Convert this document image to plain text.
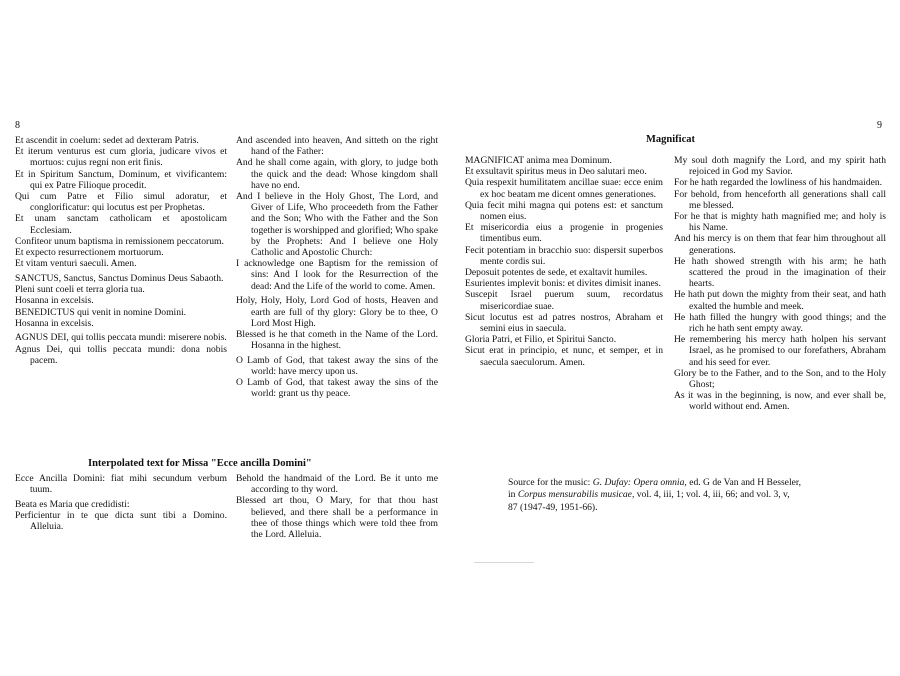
8

Et ascendit in coelum: sedet ad dexteram Patris.

Et iterum venturus est cum gloria, judicare vivos et mortuos: cujus regni non erit finis.

Et in Spiritum Sanctum, Dominum, et vivificantem: qui ex Patre Filioque procedit.

Qui cum Patre et Filio simul adoratur, et conglorificatur: qui locutus est per Prophetas.

Et unam sanctam catholicam et apostolicam Ecclesiam.

Confiteor unum baptisma in remissionem peccatorum.

Et expecto resurrectionem mortuorum.

Et vitam venturi saeculi. Amen.

SANCTUS, Sanctus, Sanctus Dominus Deus Sabaoth.

Pleni sunt coeli et terra gloria tua.

Hosanna in excelsis.

BENEDICTUS qui venit in nomine Domini.

Hosanna in excelsis.

AGNUS DEI, qui tollis peccata mundi: miserere nobis.

Agnus Dei, qui tollis peccata mundi: dona nobis pacem.

And ascended into heaven, And sitteth on the right hand of the Father:

And he shall come again, with glory, to judge both the quick and the dead: Whose kingdom shall have no end.

And I believe in the Holy Ghost, The Lord, and Giver of Life, Who proceedeth from the Father and the Son; Who with the Father and the Son together is worshipped and glorified; Who spake by the Prophets: And I believe one Holy Catholic and Apostolic Church:

I acknowledge one Baptism for the remission of sins: And I look for the Resurrection of the dead: And the Life of the world to come. Amen.

Holy, Holy, Holy, Lord God of hosts, Heaven and earth are full of thy glory: Glory be to thee, O Lord Most High.

Blessed is he that cometh in the Name of the Lord. Hosanna in the highest.

O Lamb of God, that takest away the sins of the world: have mercy upon us.

O Lamb of God, that takest away the sins of the world: grant us thy peace.

Interpolated text for Missa "Ecce ancilla Domini"

Ecce Ancilla Domini: fiat mihi secundum verbum tuum.

Beata es Maria que credidisti:

Perficientur in te que dicta sunt tibi a Domino. Alleluia.

Behold the handmaid of the Lord. Be it unto me according to thy word.

Blessed art thou, O Mary, for that thou hast believed, and there shall be a performance in thee of those things which were told thee from the Lord. Alleluia.

9
Magnificat

MAGNIFICAT anima mea Dominum.

Et exsultavit spiritus meus in Deo salutari meo.

Quia respexit humilitatem ancillae suae: ecce enim ex hoc beatam me dicent omnes generationes.

Quia fecit mihi magna qui potens est: et sanctum nomen eius.

Et misericordia eius a progenie in progenies timentibus eum.

Fecit potentiam in bracchio suo: dispersit superbos mente cordis sui.

Deposuit potentes de sede, et exaltavit humiles.

Esurientes implevit bonis: et divites dimisit inanes.

Suscepit Israel puerum suum, recordatus misericordiae suae.

Sicut locutus est ad patres nostros, Abraham et semini eius in saecula.

Gloria Patri, et Filio, et Spiritui Sancto.

Sicut erat in principio, et nunc, et semper, et in saecula saeculorum. Amen.

My soul doth magnify the Lord, and my spirit hath rejoiced in God my Savior.

For he hath regarded the lowliness of his handmaiden.

For behold, from henceforth all generations shall call me blessed.

For he that is mighty hath magnified me; and holy is his Name.

And his mercy is on them that fear him throughout all generations.

He hath showed strength with his arm; he hath scattered the proud in the imagination of their hearts.

He hath put down the mighty from their seat, and hath exalted the humble and meek.

He hath filled the hungry with good things; and the rich he hath sent empty away.

He remembering his mercy hath holpen his servant Israel, as he promised to our forefathers, Abraham and his seed for ever.

Glory be to the Father, and to the Son, and to the Holy Ghost;

As it was in the beginning, is now, and ever shall be, world without end. Amen.

Source for the music: G. Dufay: Opera omnia, ed. G de Van and H Besseler,
in Corpus mensurabilis musicae, vol. 4, iii, 1; vol. 4, iii, 66; and vol. 3, v,
87 (1947-49, 1951-66).
